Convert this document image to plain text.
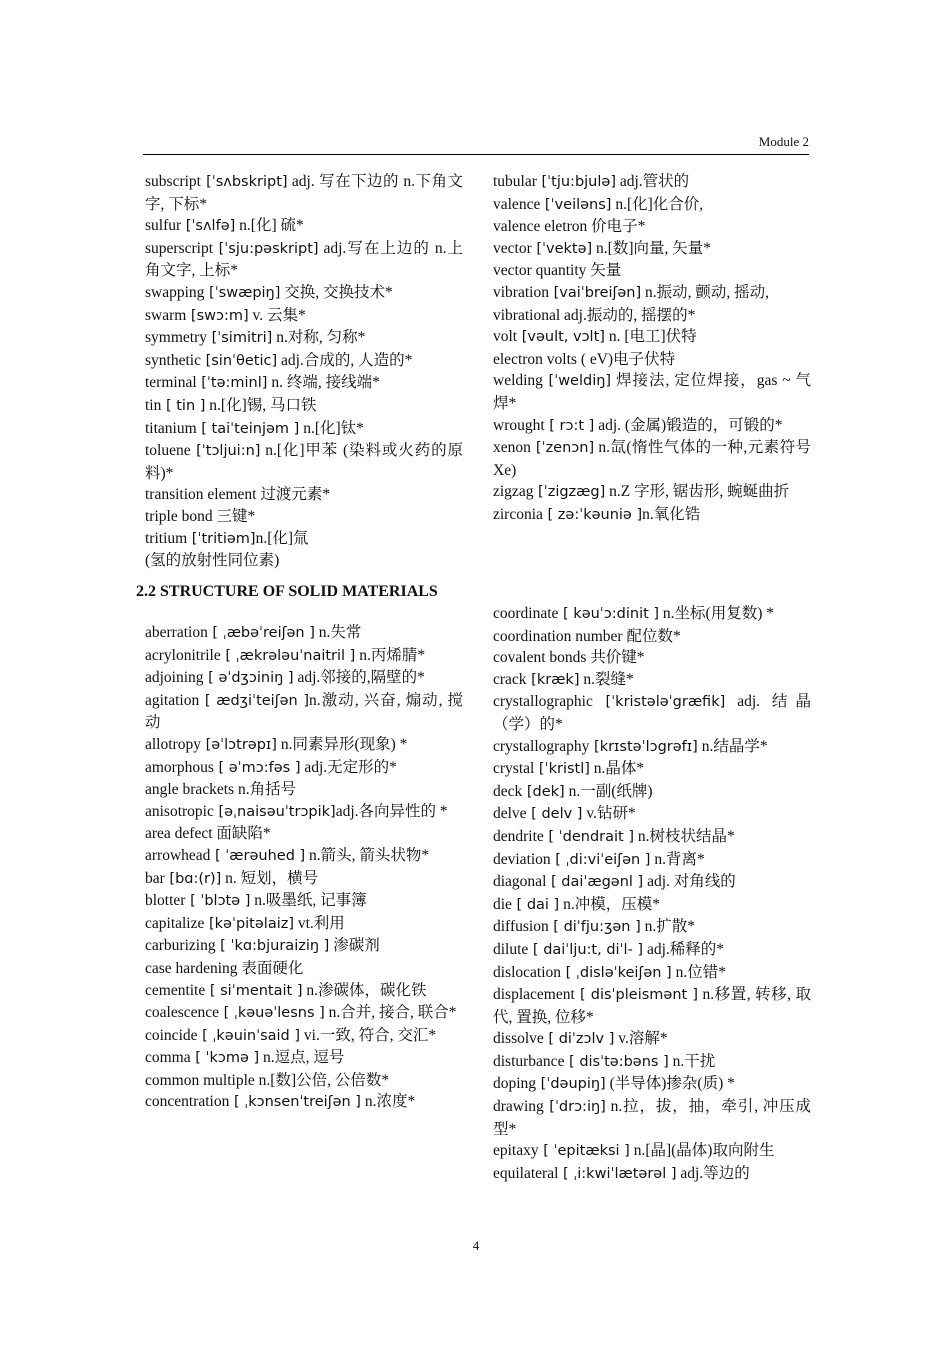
Module 2

subscript [ˈsʌbskript] adj. 写在下边的 n.下角文字, 下标*

sulfur [ˈsʌlfə] n.[化] 硫*

superscript [ˈsju:pəskript] adj.写在上边的 n.上角文字, 上标*

swapping [ˈswæpiŋ] 交换, 交换技术*

swarm [swɔ:m] v. 云集*

symmetry [ˈsimitri] n.对称, 匀称*

synthetic [sinˈθetic] adj.合成的, 人造的*

terminal [ˈtə:minl] n. 终端, 接线端*

tin [ tin ] n.[化]锡, 马口铁

titanium [ taiˈteinjəm ] n.[化]钛*

toluene [ˈtɔljui:n] n.[化]甲苯 (染料或火药的原料)*

transition element 过渡元素*

triple bond 三键*

tritium [ˈtritiəm]n.[化]氚

(氢的放射性同位素)

tubular [ˈtju:bjulə] adj.管状的

valence [ˈveiləns] n.[化]化合价,

valence eletron 价电子*

vector [ˈvektə] n.[数]向量, 矢量*

vector quantity 矢量

vibration [vaiˈbreiʃən] n.振动, 颤动, 摇动,

vibrational adj.振动的, 摇摆的*

volt [vəult, vɔlt] n. [电工]伏特

electron volts ( eV)电子伏特

welding [ˈweldiŋ] 焊接法, 定位焊接，gas ~ 气焊*

wrought [ rɔ:t ] adj. (金属)锻造的，可锻的*

xenon [ˈzenɔn] n.氙(惰性气体的一种,元素符号 Xe)

zigzag [ˈzigzæg] n.Z 字形, 锯齿形, 蜿蜒曲折

zirconia [ zə:ˈkəuniə ]n.氧化锆

2.2 STRUCTURE OF SOLID MATERIALS

aberration [ ˌæbəˈreiʃən ] n.失常

acrylonitrile [ ˌækrələuˈnaitril ] n.丙烯腈*

adjoining [ əˈdʒɔiniŋ ] adj.邻接的,隔壁的*

agitation [ ædʒiˈteiʃən ]n.激动, 兴奋, 煽动, 搅动

allotropy [əˈlɔtrəpɪ] n.同素异形(现象) *

amorphous [ əˈmɔ:fəs ] adj.无定形的*

angle brackets n.角括号

anisotropic [əˌnaisəuˈtrɔpik]adj.各向异性的 *

area defect 面缺陷*

arrowhead [ ˈærəuhed ] n.箭头, 箭头状物*

bar [bɑ:(r)] n. 短划，横号

blotter [ ˈblɔtə ] n.吸墨纸, 记事簿

capitalize [kəˈpitəlaiz] vt.利用

carburizing [ ˈkɑ:bjuraiziŋ ] 渗碳剂

case hardening 表面硬化

cementite [ siˈmentait ] n.渗碳体，碳化铁

coalescence [ ˌkəuəˈlesns ] n.合并, 接合, 联合*

coincide [ ˌkəuinˈsaid ] vi.一致, 符合, 交汇*

comma [ ˈkɔmə ] n.逗点, 逗号

common multiple n.[数]公倍, 公倍数*

concentration [ ˌkɔnsenˈtreiʃən ] n.浓度*

coordinate [ kəuˈɔ:dinit ] n.坐标(用复数) *

coordination number 配位数*

covalent bonds 共价键*

crack [kræk] n.裂缝*

crystallographic [ˈkristələˈgræfik] adj. 结晶（学）的*

crystallography [krɪstəˈlɔgrəfɪ] n.结晶学*

crystal [ˈkristl] n.晶体*

deck [dek] n.一副(纸牌)

delve [ delv ] v.钻研*

dendrite [ ˈdendrait ] n.树枝状结晶*

deviation [ ˌdi:viˈeiʃən ] n.背离*

diagonal [ daiˈægənl ] adj. 对角线的

die [ dai ] n.冲模，压模*

diffusion [ diˈfju:ʒən ] n.扩散*

dilute [ daiˈlju:t, diˈl- ] adj.稀释的*

dislocation [ ˌdisləˈkeiʃən ] n.位错*

displacement [ disˈpleismənt ] n.移置, 转移, 取代, 置换, 位移*

dissolve [ diˈzɔlv ] v.溶解*

disturbance [ disˈtə:bəns ] n.干扰

doping [ˈdəupiŋ] (半导体)掺杂(质) *

drawing [ˈdrɔ:iŋ] n.拉，拔，抽，牵引, 冲压成型*

epitaxy [ ˈepitæksi ] n.[晶](晶体)取向附生

equilateral [ ˌi:kwiˈlætərəl ] adj.等边的

4
